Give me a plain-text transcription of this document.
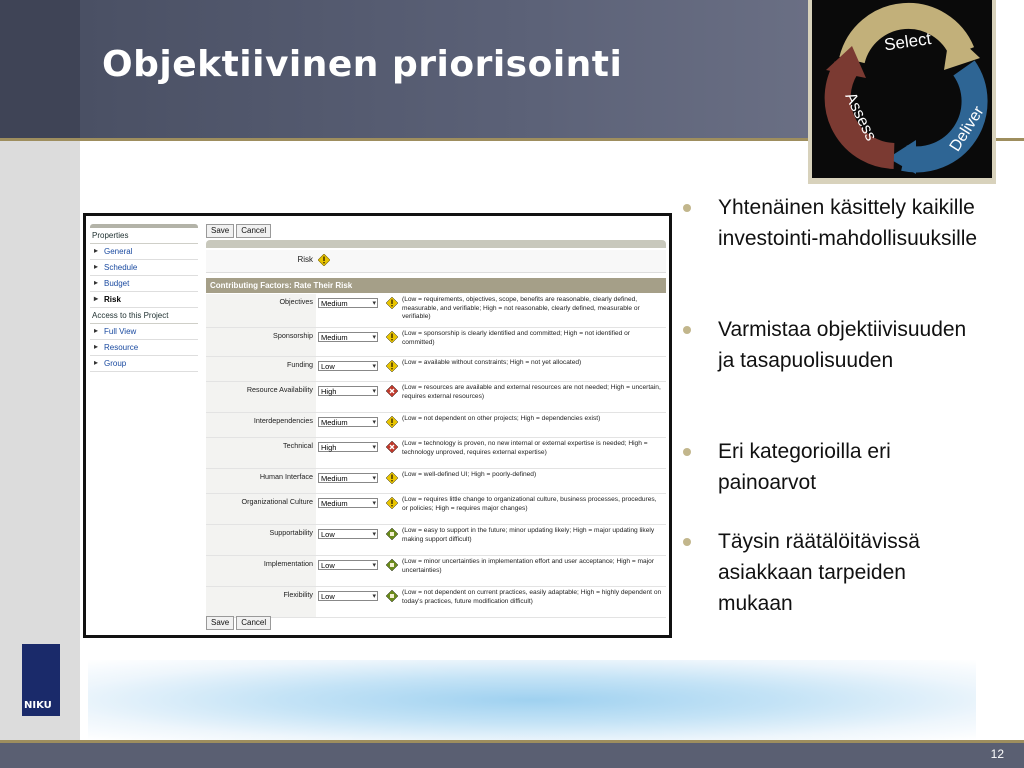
Objektiivinen priorisointi
Select
Deliver
Assess
NIKU
12
Properties
▸ General
▸ Schedule
▸ Budget
▸ Risk
Access to this Project
▸ Full View
▸ Resource
▸ Group
Save	Cancel
Risk
Contributing Factors: Rate Their Risk
Objectives	Medium ▾	(Low = requirements, objectives, scope, benefits are reasonable, clearly defined, measurable, and verifiable; High = not reasonable, clearly defined, measurable or verifiable)
Sponsorship	Medium ▾	(Low = sponsorship is clearly identified and committed; High = not identified or committed)
Funding	Low ▾	(Low = available without constraints; High = not yet allocated)
Resource Availability	High ▾	(Low = resources are available and external resources are not needed; High = uncertain, requires external resources)
Interdependencies	Medium ▾	(Low = not dependent on other projects; High = dependencies exist)
Technical	High ▾	(Low = technology is proven, no new internal or external expertise is needed; High = technology unproved, requires external expertise)
Human Interface	Medium ▾	(Low = well-defined UI; High = poorly-defined)
Organizational Culture	Medium ▾	(Low = requires little change to organizational culture, business processes, procedures, or policies; High = requires major changes)
Supportability	Low ▾	(Low = easy to support in the future; minor updating likely; High = major updating likely making support difficult)
Implementation	Low ▾	(Low = minor uncertainties in implementation effort and user acceptance; High = major uncertainties)
Flexibility	Low ▾	(Low = not dependent on current practices, easily adaptable; High = highly dependent on today's practices, future modification difficult)
Save	Cancel
Yhtenäinen käsittely kaikille investointi-mahdollisuuksille
Varmistaa objektiivisuuden ja tasapuolisuuden
Eri kategorioilla eri painoarvot
Täysin räätälöitävissä asiakkaan tarpeiden mukaan
